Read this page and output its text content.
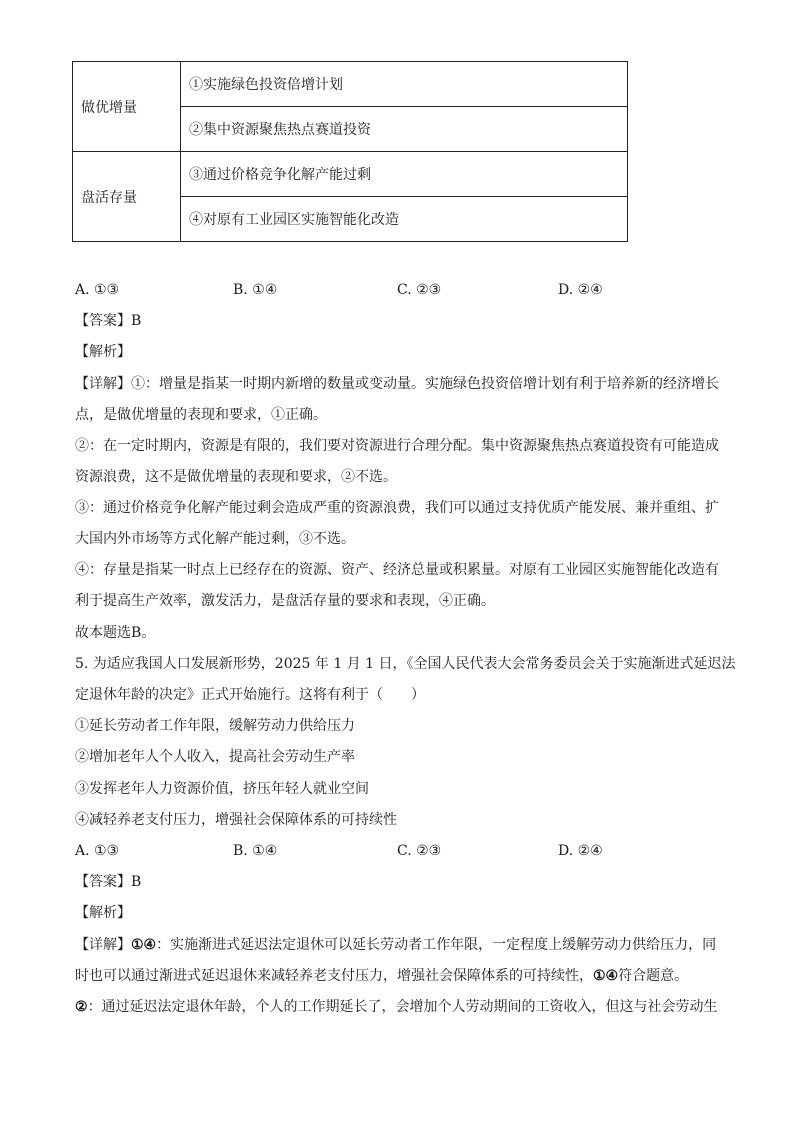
做优增量	①实施绿色投资倍增计划
	②集中资源聚焦热点赛道投资
盘活存量	③通过价格竞争化解产能过剩
	④对原有工业园区实施智能化改造
A. ①③	B. ①④	C. ②③	D. ②④
【答案】B
【解析】
【详解】①：增量是指某一时期内新增的数量或变动量。实施绿色投资倍增计划有利于培养新的经济增长
点，是做优增量的表现和要求，①正确。
②：在一定时期内，资源是有限的，我们要对资源进行合理分配。集中资源聚焦热点赛道投资有可能造成
资源浪费，这不是做优增量的表现和要求，②不选。
③：通过价格竞争化解产能过剩会造成严重的资源浪费，我们可以通过支持优质产能发展、兼并重组、扩
大国内外市场等方式化解产能过剩，③不选。
④：存量是指某一时点上已经存在的资源、资产、经济总量或积累量。对原有工业园区实施智能化改造有
利于提高生产效率，激发活力，是盘活存量的要求和表现，④正确。
故本题选B。
5. 为适应我国人口发展新形势，2025 年 1 月 1 日，《全国人民代表大会常务委员会关于实施渐进式延迟法
定退休年龄的决定》正式开始施行。这将有利于（　　）
①延长劳动者工作年限，缓解劳动力供给压力
②增加老年人个人收入，提高社会劳动生产率
③发挥老年人力资源价值，挤压年轻人就业空间
④减轻养老支付压力，增强社会保障体系的可持续性
A. ①③	B. ①④	C. ②③	D. ②④
【答案】B
【解析】
【详解】①④：实施渐进式延迟法定退休可以延长劳动者工作年限，一定程度上缓解劳动力供给压力，同
时也可以通过渐进式延迟退休来减轻养老支付压力，增强社会保障体系的可持续性，①④符合题意。
②：通过延迟法定退休年龄，个人的工作期延长了，会增加个人劳动期间的工资收入，但这与社会劳动生
